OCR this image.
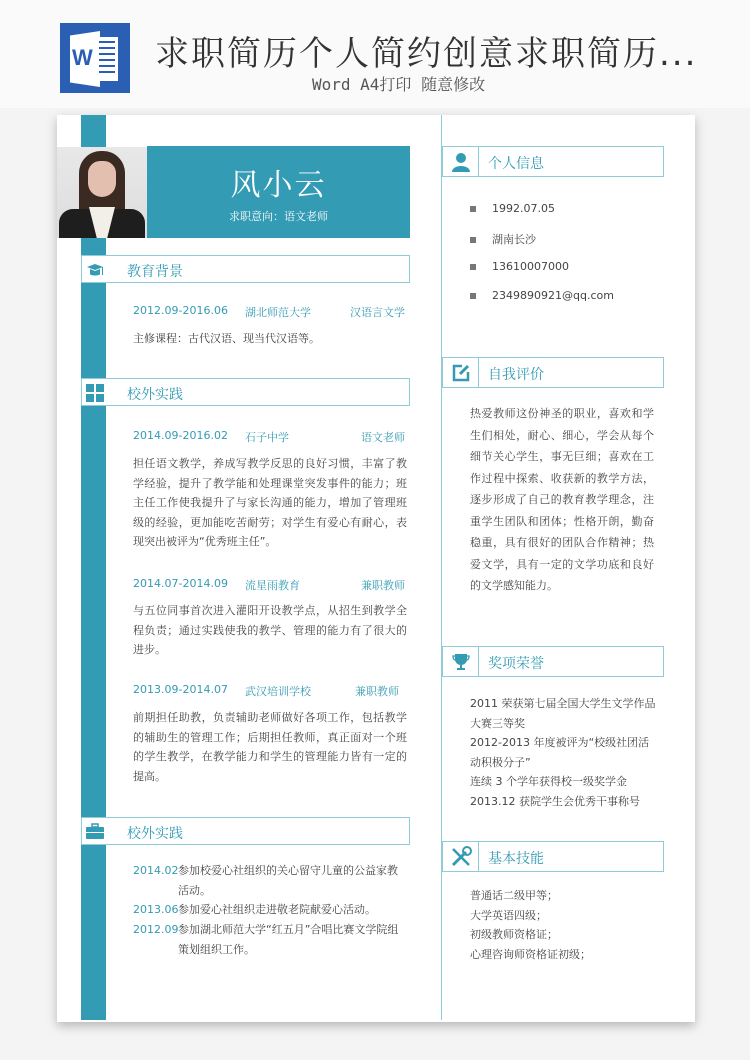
W 求职简历个人简约创意求职简历...
Word A4打印 随意修改
风小云
求职意向：语文老师
教育背景
2012.09-2016.06 湖北师范大学	汉语言文学
主修课程：古代汉语、现当代汉语等。
校外实践
2014.09-2016.02 石子中学	语文老师
担任语文教学，养成写教学反思的良好习惯，丰富了教学经验，提升了教学能和处理课堂突发事件的能力；班主任工作使我提升了与家长沟通的能力，增加了管理班级的经验，更加能吃苦耐劳；对学生有爱心有耐心，表现突出被评为“优秀班主任”。
2014.07-2014.09 流星雨教育	兼职教师
与五位同事首次进入灌阳开设教学点，从招生到教学全程负责；通过实践使我的教学、管理的能力有了很大的进步。
2013.09-2014.07 武汉培训学校	兼职教师
前期担任助教，负责辅助老师做好各项工作，包括教学的辅助生的管理工作；后期担任教师，真正面对一个班的学生教学，在教学能力和学生的管理能力皆有一定的提高。
校外实践
2014.02 参加校爱心社组织的关心留守儿童的公益家教活动。
2013.06 参加爱心社组织走进敬老院献爱心活动。
2012.09 参加湖北师范大学“红五月”合唱比赛文学院组策划组织工作。
个人信息
1992.07.05
湖南长沙
13610007000
2349890921@qq.com
自我评价
热爱教师这份神圣的职业，喜欢和学生们相处，耐心、细心，学会从每个细节关心学生，事无巨细；喜欢在工作过程中探索、收获新的教学方法，逐步形成了自己的教育教学理念，注重学生团队和团体；性格开朗，勤奋稳重，具有很好的团队合作精神；热爱文学，具有一定的文学功底和良好的文学感知能力。
奖项荣誉
2011 荣获第七届全国大学生文学作品大赛三等奖
2012-2013 年度被评为“校级社团活动积极分子”
连续 3 个学年获得校一级奖学金
2013.12 获院学生会优秀干事称号
基本技能
普通话二级甲等；
大学英语四级；
初级教师资格证；
心理咨询师资格证初级；
